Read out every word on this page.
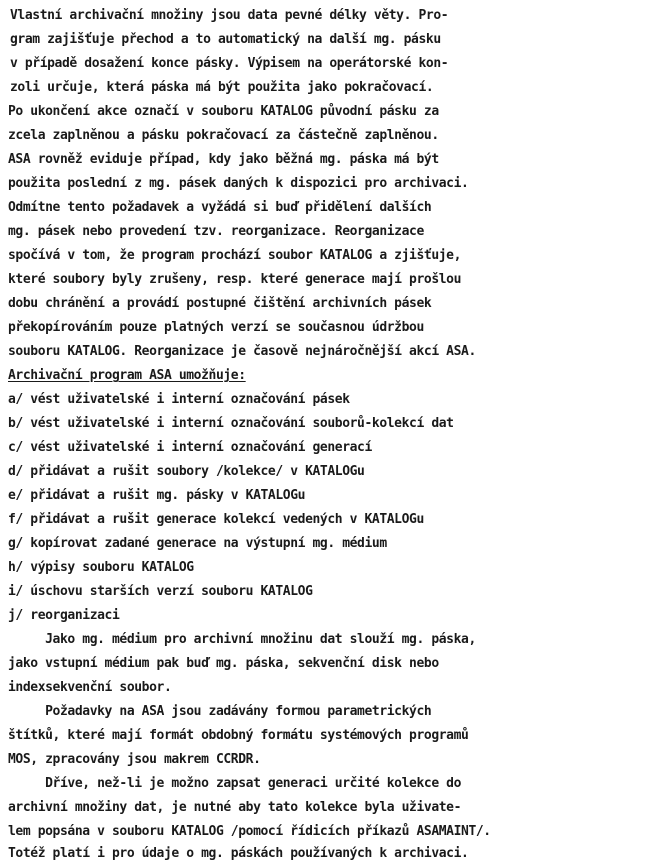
Vlastní archivační množiny jsou data pevné délky věty. Pro-
gram zajišťuje přechod a to automatický na další mg. pásku
v případě dosažení konce pásky. Výpisem na operátorské kon-
zoli určuje, která páska má být použita jako pokračovací.
Po ukončení akce označí v souboru KATALOG původní pásku za
zcela zaplněnou a pásku pokračovací za částečně zaplněnou.
ASA rovněž eviduje případ, kdy jako běžná mg. páska má být
použita poslední z mg. pásek daných k dispozici pro archivaci.
Odmítne tento požadavek a vyžádá si buď přidělení dalších
mg. pásek nebo provedení tzv. reorganizace. Reorganizace
spočívá v tom, že program prochází soubor KATALOG a zjišťuje,
které soubory byly zrušeny, resp. které generace mají prošlou
dobu chránění a provádí postupné čištění archivních pásek
překopírováním pouze platných verzí se současnou údržbou
souboru KATALOG. Reorganizace je časově nejnáročnější akcí ASA.
Archivační program ASA umožňuje:
a/ vést uživatelské i interní označování pásek
b/ vést uživatelské i interní označování souborů-kolekcí dat
c/ vést uživatelské i interní označování generací
d/ přidávat a rušit soubory /kolekce/ v KATALOGu
e/ přidávat a rušit mg. pásky v KATALOGu
f/ přidávat a rušit generace kolekcí vedených v KATALOGu
g/ kopírovat zadané generace na výstupní mg. médium
h/ výpisy souboru KATALOG
i/ úschovu starších verzí souboru KATALOG
j/ reorganizaci
Jako mg. médium pro archivní množinu dat slouží mg. páska,
jako vstupní médium pak buď mg. páska, sekvenční disk nebo
indexsekvenční soubor.
Požadavky na ASA jsou zadávány formou parametrických
štítků, které mají formát obdobný formátu systémových programů
MOS, zpracovány jsou makrem CCRDR.
Dříve, než-li je možno zapsat generaci určité kolekce do
archivní množiny dat, je nutné aby tato kolekce byla uživate-
lem popsána v souboru KATALOG /pomocí řídicích příkazů ASAMAINT/.
Totéž platí i pro údaje o mg. páskách používaných k archivaci.
